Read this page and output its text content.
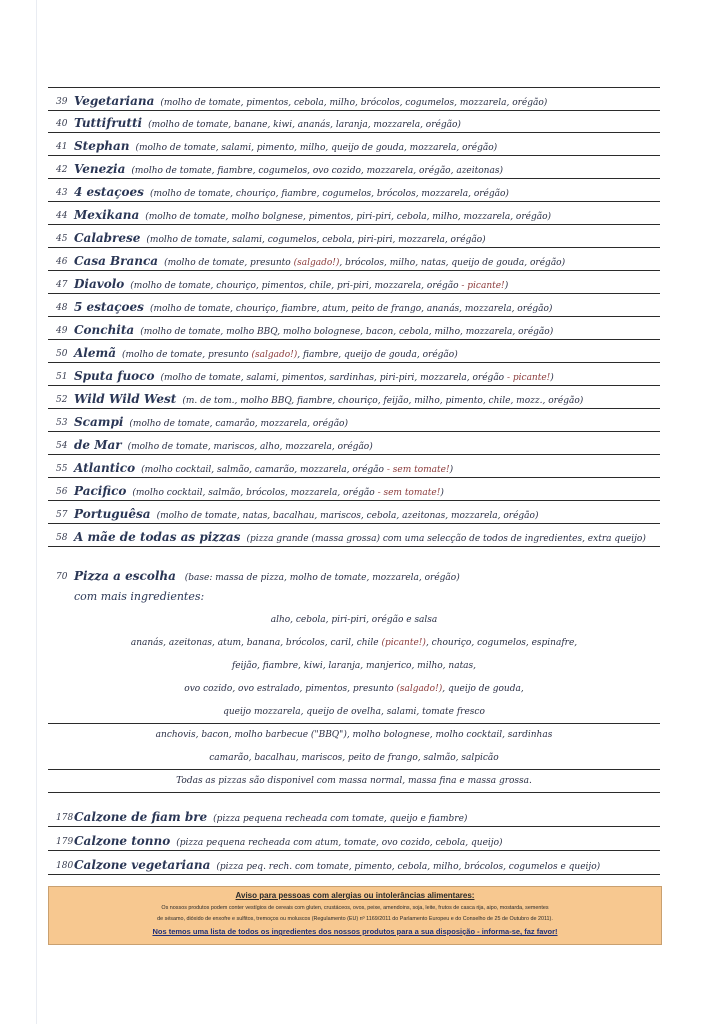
39 Vegetariana (molho de tomate, pimentos, cebola, milho, brócolos, cogumelos, mozzarela, orégão)
40 Tuttifrutti (molho de tomate, banane, kiwi, ananás, laranja, mozzarela, orégão)
41 Stephan (molho de tomate, salami, pimento, milho, queijo de gouda, mozzarela, orégão)
42 Venezia (molho de tomate, fiambre, cogumelos, ovo cozido, mozzarela, orégão, azeitonas)
43 4 estaçoes (molho de tomate, chouriço, fiambre, cogumelos, brócolos, mozzarela, orégão)
44 Mexikana (molho de tomate, molho bolgnese, pimentos, piri-piri, cebola, milho, mozzarela, orégão)
45 Calabrese (molho de tomate, salami, cogumelos, cebola, piri-piri, mozzarela, orégão)
46 Casa Branca (molho de tomate, presunto (salgado!), brócolos, milho, natas, queijo de gouda, orégão)
47 Diavolo (molho de tomate, chouriço, pimentos, chile, pri-piri, mozzarela, orégão - picante!)
48 5 estaçoes (molho de tomate, chouriço, fiambre, atum, peito de frango, ananás, mozzarela, orégão)
49 Conchita (molho de tomate, molho BBQ, molho bolognese, bacon, cebola, milho, mozzarela, orégão)
50 Alemã (molho de tomate, presunto (salgado!), fiambre, queijo de gouda, orégão)
51 Sputa fuoco (molho de tomate, salami, pimentos, sardinhas, piri-piri, mozzarela, orégão - picante!)
52 Wild Wild West (m. de tom., molho BBQ, fiambre, chouriço, feijão, milho, pimento, chile, mozz., orégão)
53 Scampi (molho de tomate, camarão, mozzarela, orégão)
54 de Mar (molho de tomate, mariscos, alho, mozzarela, orégão)
55 Atlantico (molho cocktail, salmão, camarão, mozzarela, orégão - sem tomate!)
56 Pacifico (molho cocktail, salmão, brócolos, mozzarela, orégão - sem tomate!)
57 Portuguêsa (molho de tomate, natas, bacalhau, mariscos, cebola, azeitonas, mozzarela, orégão)
58 A mãe de todas as pizzas (pizza grande (massa grossa) com uma selecção de todos de ingredientes, extra queijo)
70 Pizza a escolha (base: massa de pizza, molho de tomate, mozzarela, orégão)
com mais ingredientes:
alho, cebola, piri-piri, orégão e salsa
ananás, azeitonas, atum, banana, brócolos, caril, chile (picante!), chouriço, cogumelos, espinafre,
feijão, fiambre, kiwi, laranja, manjerico, milho, natas,
ovo cozido, ovo estralado, pimentos, presunto (salgado!), queijo de gouda,
queijo mozzarela, queijo de ovelha, salami, tomate fresco
anchovis, bacon, molho barbecue ("BBQ"), molho bolognese, molho cocktail, sardinhas
camarão, bacalhau, mariscos, peito de frango, salmão, salpicão
Todas as pizzas são disponivel com massa normal, massa fina e massa grossa.
178 Calzone de fiam bre (pizza pequena recheada com tomate, queijo e fiambre)
179 Calzone tonno (pizza pequena recheada com atum, tomate, ovo cozido, cebola, queijo)
180 Calzone vegetariana (pizza peq. rech. com tomate, pimento, cebola, milho, brócolos, cogumelos e queijo)
Aviso para pessoas com alergias ou intolerâncias alimentares:
Os nossos produtos podem conter vestígios de cereais com gluten, crustáceos, ovos, peixe, amendoins, soja, leite, frutos de casca rija, aipo, mostarda, sementes
de sésamo, dióxido de enxofre e sulfitos, tremoços ou moluscos (Regulamento (EU) nº 1169/2011 do Parlamento Europeu e do Conselho de 25 de Outubro de 2011).
Nos temos uma lista de todos os ingredientes dos nossos produtos para a sua disposição - informa-se, faz favor!
